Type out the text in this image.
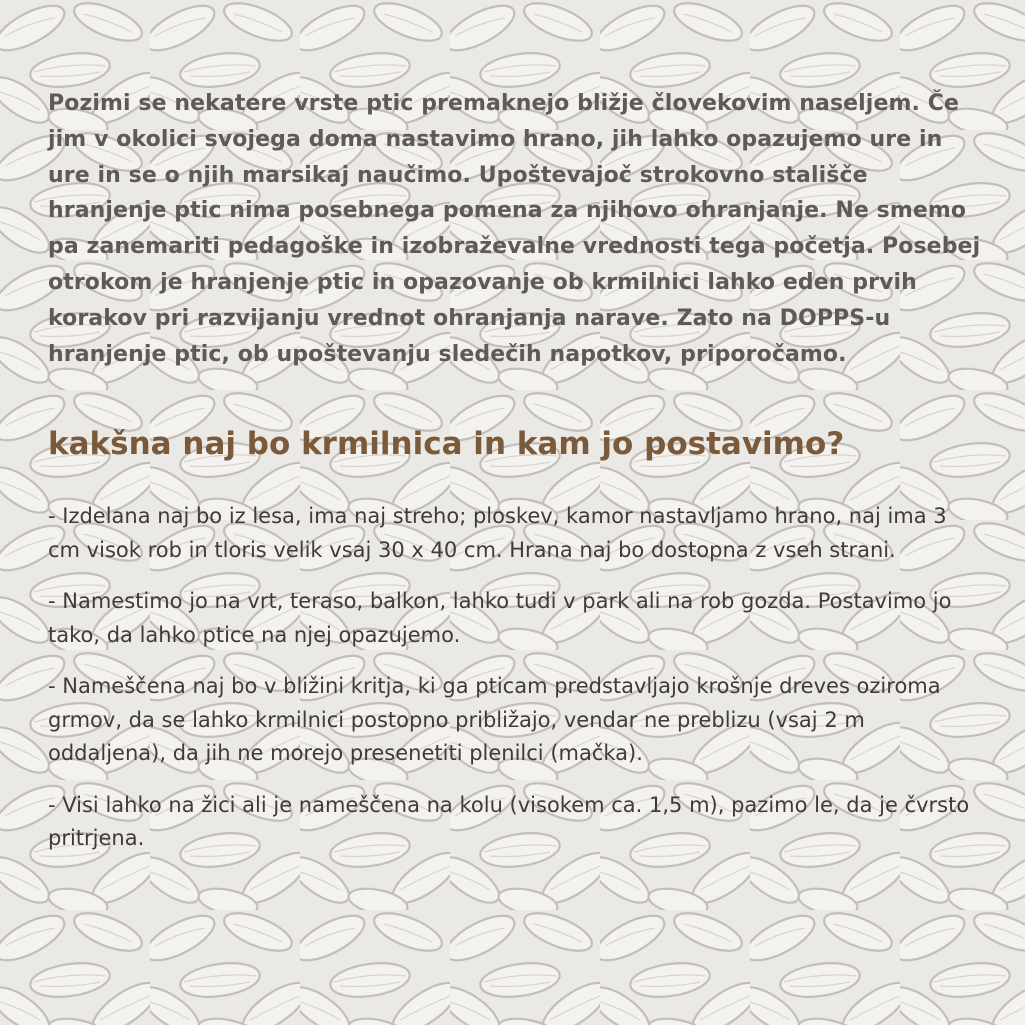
Pozimi se nekatere vrste ptic premaknejo bližje človekovim naseljem. Če jim v okolici svojega doma nastavimo hrano, jih lahko opazujemo ure in ure in se o njih marsikaj naučimo. Upoštevajoč strokovno stališče hranjenje ptic nima posebnega pomena za njihovo ohranjanje. Ne smemo pa zanemariti pedagoške in izobraževalne vrednosti tega početja. Posebej otrokom je hranjenje ptic in opazovanje ob krmilnici lahko eden prvih korakov pri razvijanju vrednot ohranjanja narave. Zato na DOPPS-u hranjenje ptic, ob upoštevanju sledečih napotkov, priporočamo.

kakšna naj bo krmilnica in kam jo postavimo?

- Izdelana naj bo iz lesa, ima naj streho; ploskev, kamor nastavljamo hrano, naj ima 3 cm visok rob in tloris velik vsaj 30 x 40 cm. Hrana naj bo dostopna z vseh strani.

- Namestimo jo na vrt, teraso, balkon, lahko tudi v park ali na rob gozda. Postavimo jo tako, da lahko ptice na njej opazujemo.

- Nameščena naj bo v bližini kritja, ki ga pticam predstavljajo krošnje dreves oziroma grmov, da se lahko krmilnici postopno približajo, vendar ne preblizu (vsaj 2 m oddaljena), da jih ne morejo presenetiti plenilci (mačka).

- Visi lahko na žici ali je nameščena na kolu (visokem ca. 1,5 m), pazimo le, da je čvrsto pritrjena.
